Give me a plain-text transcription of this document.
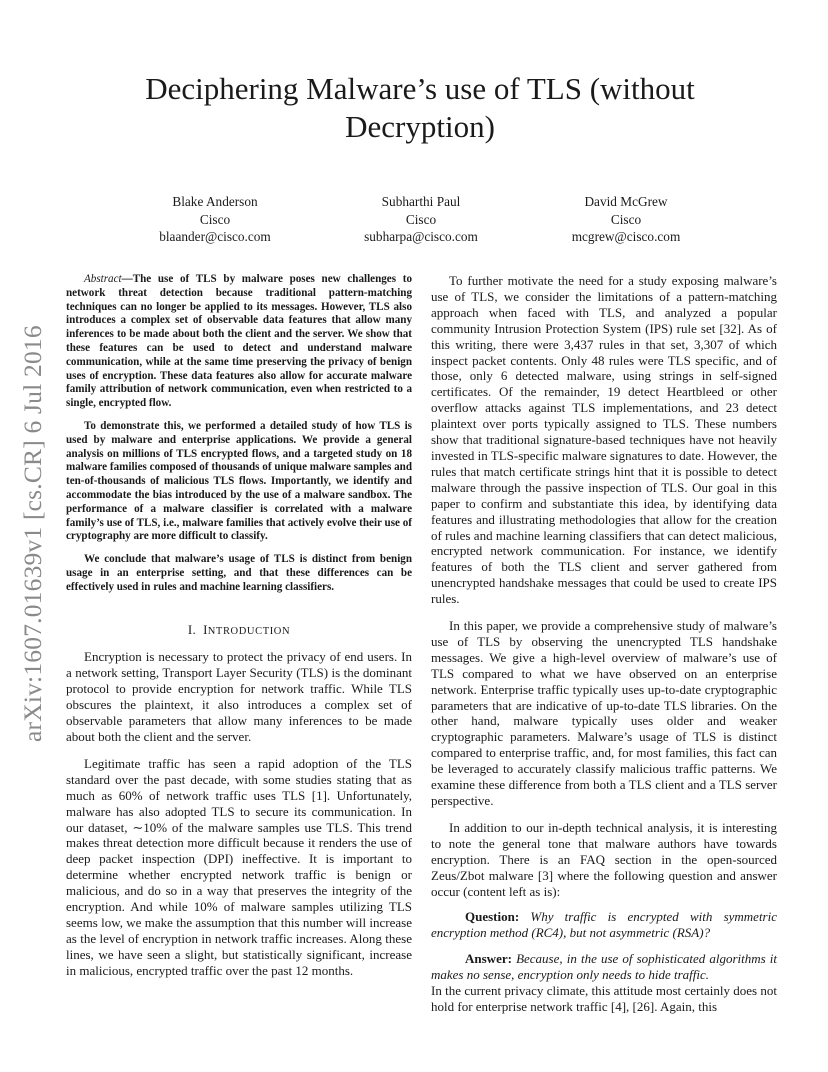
arXiv:1607.01639v1 [cs.CR] 6 Jul 2016
Deciphering Malware’s use of TLS (without
Decryption)
Blake Anderson
Cisco
blaander@cisco.com
Subharthi Paul
Cisco
subharpa@cisco.com
David McGrew
Cisco
mcgrew@cisco.com

Abstract—The use of TLS by malware poses new challenges to network threat detection because traditional pattern-matching techniques can no longer be applied to its messages. However, TLS also introduces a complex set of observable data features that allow many inferences to be made about both the client and the server. We show that these features can be used to detect and understand malware communication, while at the same time preserving the privacy of benign uses of encryption. These data features also allow for accurate malware family attribution of network communication, even when restricted to a single, encrypted flow.

To demonstrate this, we performed a detailed study of how TLS is used by malware and enterprise applications. We provide a general analysis on millions of TLS encrypted flows, and a targeted study on 18 malware families composed of thousands of unique malware samples and ten-of-thousands of malicious TLS flows. Importantly, we identify and accommodate the bias introduced by the use of a malware sandbox. The performance of a malware classifier is correlated with a malware family’s use of TLS, i.e., malware families that actively evolve their use of cryptography are more difficult to classify.

We conclude that malware’s usage of TLS is distinct from benign usage in an enterprise setting, and that these differences can be effectively used in rules and machine learning classifiers.

I. INTRODUCTION

Encryption is necessary to protect the privacy of end users. In a network setting, Transport Layer Security (TLS) is the dominant protocol to provide encryption for network traffic. While TLS obscures the plaintext, it also introduces a complex set of observable parameters that allow many inferences to be made about both the client and the server.

Legitimate traffic has seen a rapid adoption of the TLS standard over the past decade, with some studies stating that as much as 60% of network traffic uses TLS [1]. Unfortunately, malware has also adopted TLS to secure its communication. In our dataset, ∼10% of the malware samples use TLS. This trend makes threat detection more difficult because it renders the use of deep packet inspection (DPI) ineffective. It is important to determine whether encrypted network traffic is benign or malicious, and do so in a way that preserves the integrity of the encryption. And while 10% of malware samples utilizing TLS seems low, we make the assumption that this number will increase as the level of encryption in network traffic increases. Along these lines, we have seen a slight, but statistically significant, increase in malicious, encrypted traffic over the past 12 months.

To further motivate the need for a study exposing malware’s use of TLS, we consider the limitations of a pattern-matching approach when faced with TLS, and analyzed a popular community Intrusion Protection System (IPS) rule set [32]. As of this writing, there were 3,437 rules in that set, 3,307 of which inspect packet contents. Only 48 rules were TLS specific, and of those, only 6 detected malware, using strings in self-signed certificates. Of the remainder, 19 detect Heartbleed or other overflow attacks against TLS implementations, and 23 detect plaintext over ports typically assigned to TLS. These numbers show that traditional signature-based techniques have not heavily invested in TLS-specific malware signatures to date. However, the rules that match certificate strings hint that it is possible to detect malware through the passive inspection of TLS. Our goal in this paper to confirm and substantiate this idea, by identifying data features and illustrating methodologies that allow for the creation of rules and machine learning classifiers that can detect malicious, encrypted network communication. For instance, we identify features of both the TLS client and server gathered from unencrypted handshake messages that could be used to create IPS rules.

In this paper, we provide a comprehensive study of malware’s use of TLS by observing the unencrypted TLS handshake messages. We give a high-level overview of malware’s use of TLS compared to what we have observed on an enterprise network. Enterprise traffic typically uses up-to-date cryptographic parameters that are indicative of up-to-date TLS libraries. On the other hand, malware typically uses older and weaker cryptographic parameters. Malware’s usage of TLS is distinct compared to enterprise traffic, and, for most families, this fact can be leveraged to accurately classify malicious traffic patterns. We examine these difference from both a TLS client and a TLS server perspective.

In addition to our in-depth technical analysis, it is interesting to note the general tone that malware authors have towards encryption. There is an FAQ section in the open-sourced Zeus/Zbot malware [3] where the following question and answer occur (content left as is):

Question: Why traffic is encrypted with symmetric encryption method (RC4), but not asymmetric (RSA)?

Answer: Because, in the use of sophisticated algorithms it makes no sense, encryption only needs to hide traffic.

In the current privacy climate, this attitude most certainly does not hold for enterprise network traffic [4], [26]. Again, this
